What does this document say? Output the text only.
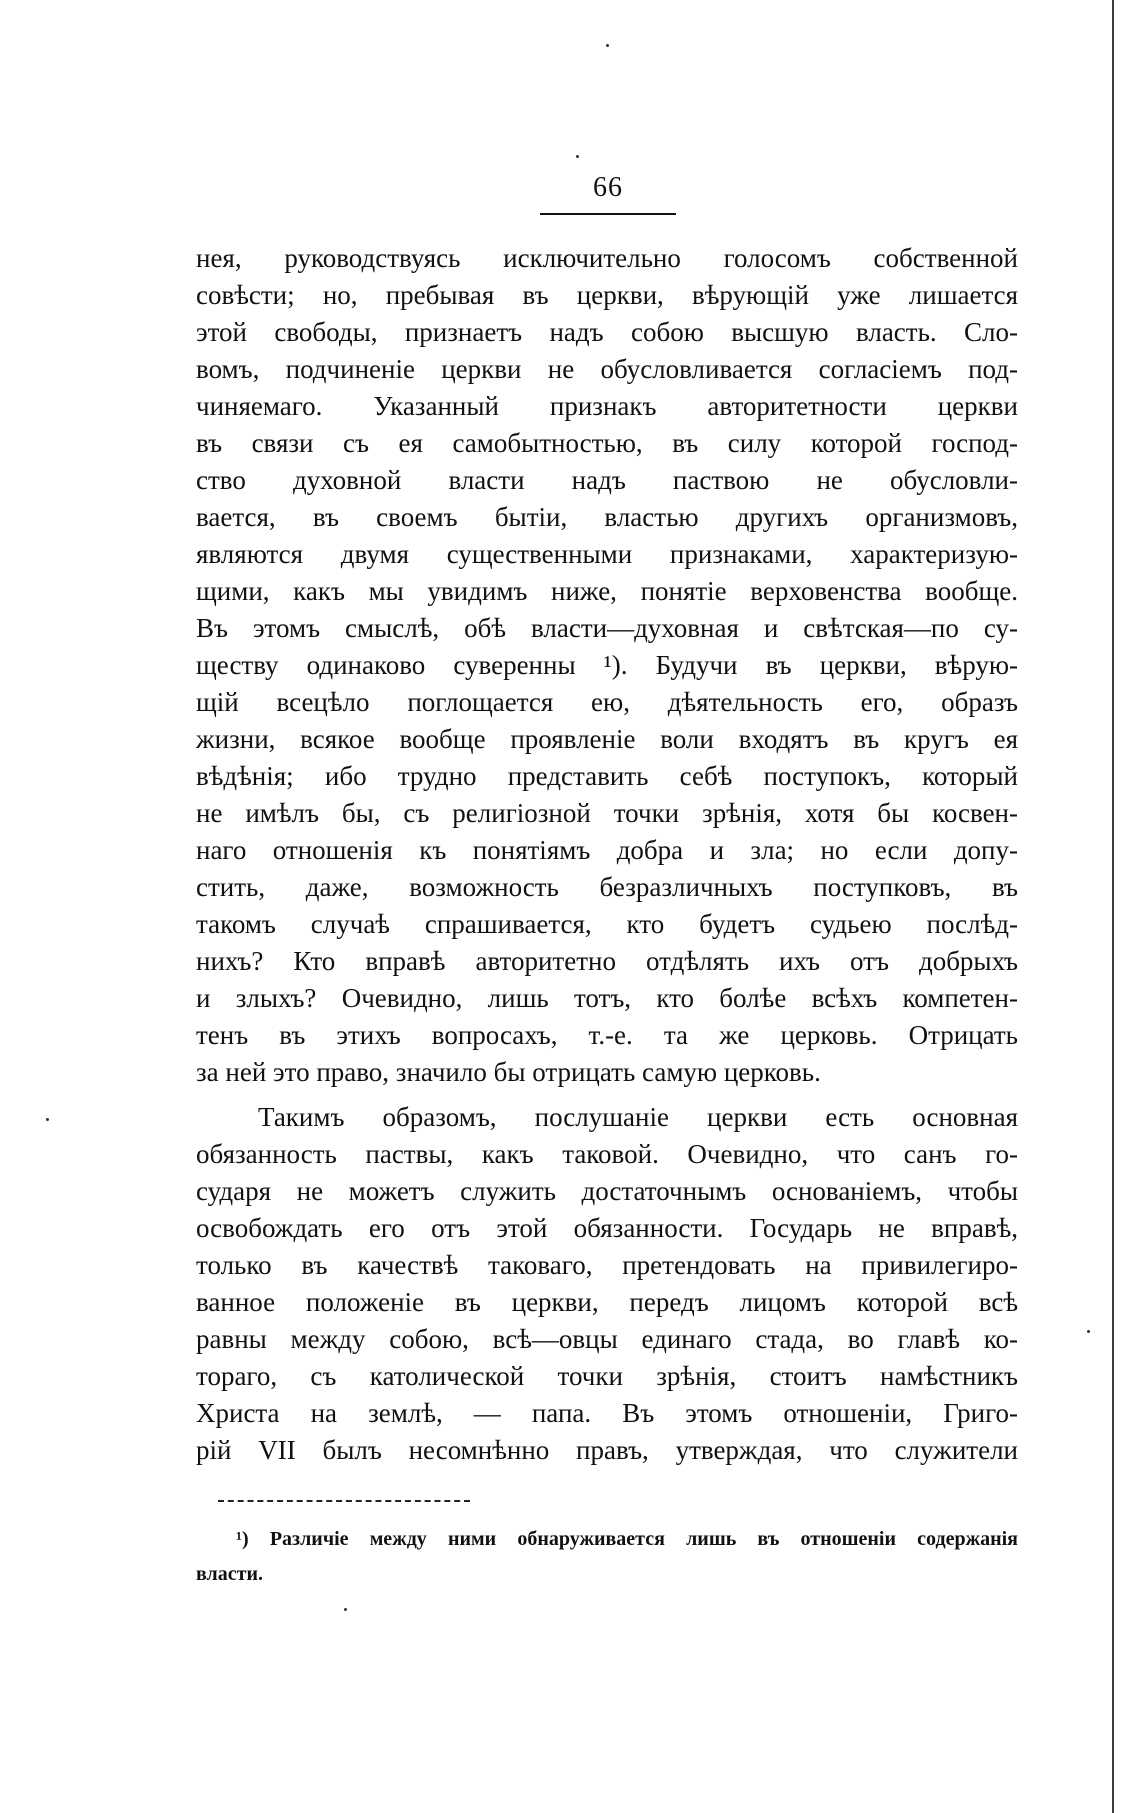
66
нея, руководствуясь исключительно голосомъ собственной
совѣсти; но, пребывая въ церкви, вѣрующій уже лишается
этой свободы, признаетъ надъ собою высшую власть. Сло-
вомъ, подчиненіе церкви не обусловливается согласіемъ под-
чиняемаго. Указанный признакъ авторитетности церкви
въ связи съ ея самобытностью, въ силу которой господ-
ство духовной власти надъ паствою не обусловли-
вается, въ своемъ бытіи, властью другихъ организмовъ,
являются двумя существенными признаками, характеризую-
щими, какъ мы увидимъ ниже, понятіе верховенства вообще.
Въ этомъ смыслѣ, обѣ власти—духовная и свѣтская—по су-
ществу одинаково суверенны ¹). Будучи въ церкви, вѣрую-
щій всецѣло поглощается ею, дѣятельность его, образъ
жизни, всякое вообще проявленіе воли входятъ въ кругъ ея
вѣдѣнія; ибо трудно представить себѣ поступокъ, который
не имѣлъ бы, съ религіозной точки зрѣнія, хотя бы косвен-
наго отношенія къ понятіямъ добра и зла; но если допу-
стить, даже, возможность безразличныхъ поступковъ, въ
такомъ случаѣ спрашивается, кто будетъ судьею послѣд-
нихъ? Кто вправѣ авторитетно отдѣлять ихъ отъ добрыхъ
и злыхъ? Очевидно, лишь тотъ, кто болѣе всѣхъ компетен-
тенъ въ этихъ вопросахъ, т.-е. та же церковь. Отрицать
за ней это право, значило бы отрицать самую церковь.
Такимъ образомъ, послушаніе церкви есть основная
обязанность паствы, какъ таковой. Очевидно, что санъ го-
сударя не можетъ служить достаточнымъ основаніемъ, чтобы
освобождать его отъ этой обязанности. Государь не вправѣ,
только въ качествѣ таковаго, претендовать на привилегиро-
ванное положеніе въ церкви, передъ лицомъ которой всѣ
равны между собою, всѣ—овцы единаго стада, во главѣ ко-
тораго, съ католической точки зрѣнія, стоитъ намѣстникъ
Христа на землѣ, — папа. Въ этомъ отношеніи, Григо-
рій VII былъ несомнѣнно правъ, утверждая, что служители
¹) Различіе между ними обнаруживается лишь въ отношеніи содержанія
власти.
